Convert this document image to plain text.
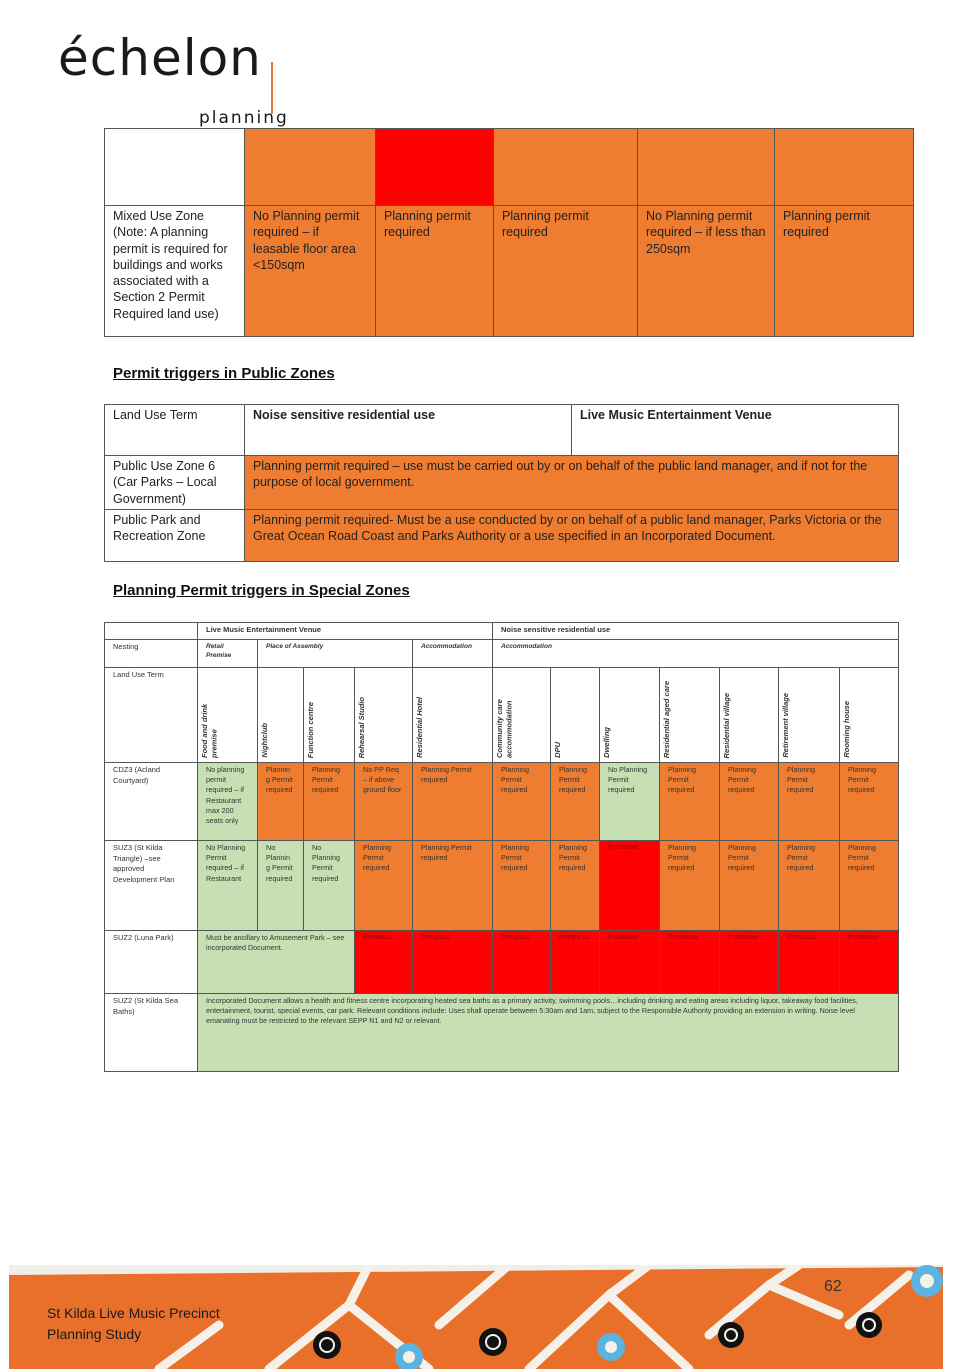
échelon
planning

Mixed Use Zone (Note: A planning permit is required for buildings and works associated with a Section 2 Permit Required land use)	No Planning permit required – if leasable floor area <150sqm	Planning permit required	Planning permit required	No Planning permit required – if less than 250sqm	Planning permit required
Permit triggers in Public Zones
Land Use Term	Noise sensitive residential use	Live Music Entertainment Venue
Public Use Zone 6 (Car Parks – Local Government)	Planning permit required – use must be carried out by or on behalf of the public land manager, and if not for the purpose of local government.	
Public Park and Recreation Zone	Planning permit required- Must be a use conducted by or on behalf of a public land manager, Parks Victoria or the Great Ocean Road Coast and Parks Authority or a use specified in an Incorporated Document.	
Planning Permit triggers in Special Zones
	Live Music Entertainment Venue					Noise sensitive residential use						
Nesting	Retail Premise	Place of Assembly			Accommodation	Accommodation						
Land Use Term	Food and drink premise	Nightclub	Function centre	Rehearsal Studio	Residential Hotel	Community care accommodation	DPU	Dwelling	Residential aged care	Residential village	Retirement village	Rooming house

CDZ3 (Acland Courtyard)	No planning permit required – if Restaurant max 200 seats only	Plannin g Permit required	Planning Permit required	No PP Req – if above ground floor	Planning Permit required	Planning Permit required	Planning Permit required	No Planning Permit required	Planning Permit required	Planning Permit required	Planning Permit required	Planning Permit required
SUZ3 (St Kilda Triangle) –see approved Development Plan	No Planning Permit required – if Restaurant	No Plannin g Permit required	No Planning Permit required	Planning Permit required	Planning Permit required	Planning Permit required	Planning Permit required	Prohibited	Planning Permit required	Planning Permit required	Planning Permit required	Planning Permit required
SUZ2 (Luna Park)	Must be ancillary to Amusement Park – see incorporated Document.			Prohibited	Prohibited	Prohibited	Prohibit ed	Prohibited	Prohibited	Prohibited	Prohibited	Prohibited
SUZ2 (St Kilda Sea Baths)	Incorporated Document allows a health and fitness centre incorporating heated sea baths as a primary activity, swimming pools…including drinking and eating areas including liquor, takeaway food facilities, entertainment, tourist, special events, car park. Relevant conditions include: Uses shall operate between 5:30am and 1am, subject to the Responsible Authority providing an extension in writing. Noise level emanating must be restricted to the relevant SEPP N1 and N2 or relevant.											
St Kilda Live Music Precinct
Planning Study
62
